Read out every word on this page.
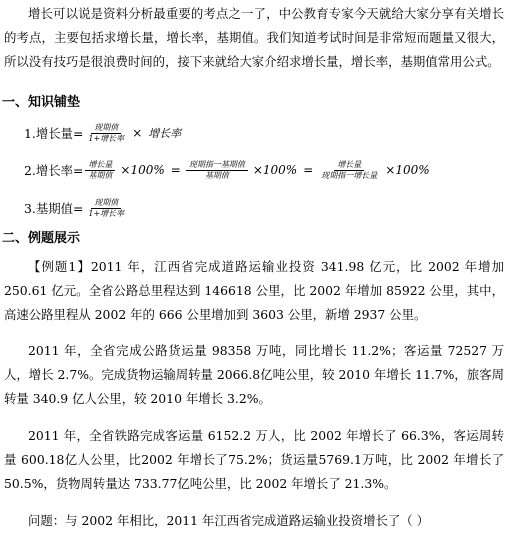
增长可以说是资料分析最重要的考点之一了，中公教育专家今天就给大家分享有关增长的考点，主要包括求增长量，增长率，基期值。我们知道考试时间是非常短而题量又很大，所以没有技巧是很浪费时间的，接下来就给大家介绍求增长量，增长率，基期值常用公式。

一、知识铺垫
1.增长量= $\frac{\text{现期值}}{\text{1+增长率}}$ × 增长率
2.增长率= $\frac{\text{增长量}}{\text{基期值}} \times 100\% = \frac{\text{现期指一基期值}}{\text{基期值}} \times 100\% = \frac{\text{增长量}}{\text{现期指一增长量}} \times 100\%$
3.基期值= $\frac{\text{现期值}}{\text{1+增长率}}$
二、例题展示

【例题1】2011 年，江西省完成道路运输业投资 341.98 亿元，比 2002 年增加 250.61 亿元。全省公路总里程达到 146618 公里，比 2002 年增加 85922 公里，其中，高速公路里程从 2002 年的 666 公里增加到 3603 公里，新增 2937 公里。

2011 年，全省完成公路货运量 98358 万吨，同比增长 11.2%；客运量 72527 万人，增长 2.7%。完成货物运输周转量 2066.8亿吨公里，较 2010 年增长 11.7%，旅客周转量 340.9 亿人公里，较 2010 年增长 3.2%。

2011 年，全省铁路完成客运量 6152.2 万人，比 2002 年增长了 66.3%，客运周转量 600.18亿人公里，比2002 年增长了75.2%；货运量5769.1万吨，比 2002 年增长了50.5%，货物周转量达 733.77亿吨公里，比 2002 年增长了 21.3%。

问题：与 2002 年相比，2011 年江西省完成道路运输业投资增长了（ ）
